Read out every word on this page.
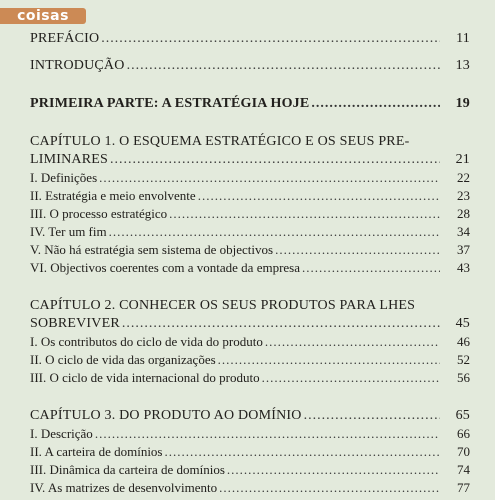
coisas
PREFÁCIO .....	11
INTRODUÇÃO .....	13
PRIMEIRA PARTE: A ESTRATÉGIA HOJE .....	19
CAPÍTULO 1. O ESQUEMA ESTRATÉGICO E OS SEUS PRE-
LIMINARES .....	21
I. Definições .....	22
II. Estratégia e meio envolvente .....	23
III. O processo estratégico .....	28
IV. Ter um fim .....	34
V. Não há estratégia sem sistema de objectivos .....	37
VI. Objectivos coerentes com a vontade da empresa .....	43
CAPÍTULO 2. CONHECER OS SEUS PRODUTOS PARA LHES
SOBREVIVER .....	45
I. Os contributos do ciclo de vida do produto .....	46
II. O ciclo de vida das organizações .....	52
III. O ciclo de vida internacional do produto .....	56
CAPÍTULO 3. DO PRODUTO AO DOMÍNIO .....	65
I. Descrição .....	66
II. A carteira de domínios .....	70
III. Dinâmica da carteira de domínios .....	74
IV. As matrizes de desenvolvimento .....	77
